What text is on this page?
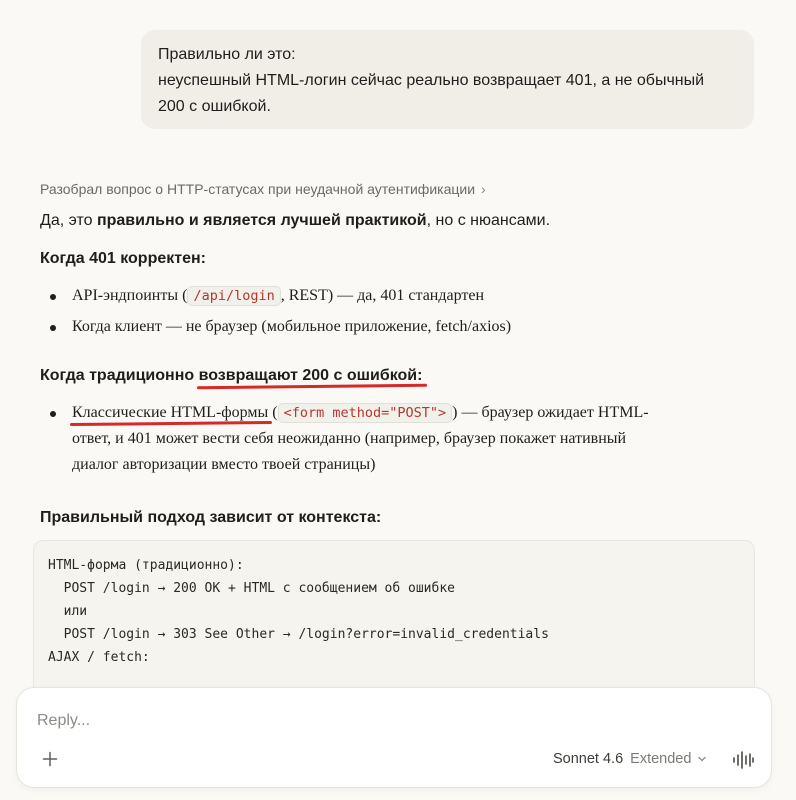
Правильно ли это:

неуспешный HTML-логин сейчас реально возвращает 401, а не обычный

200 с ошибкой.

Разобрал вопрос о HTTP-статусах при неудачной аутентификации ›

Да, это правильно и является лучшей практикой, но с нюансами.

Когда 401 корректен:
API-эндпоинты ( /api/login , REST) — да, 401 стандартен
Когда клиент — не браузер (мобильное приложение, fetch/axios)
Когда традиционно возвращают 200 с ошибкой:
Классические HTML-формы ( <form method="POST"> ) — браузер ожидает HTML-
ответ, и 401 может вести себя неожиданно (например, браузер покажет нативный
диалог авторизации вместо твоей страницы)
Правильный подход зависит от контекста:
HTML-форма (традиционно):
POST /login → 200 OK + HTML с сообщением об ошибке
или
POST /login → 303 See Other → /login?error=invalid_credentials
AJAX / fetch:
Reply...
Sonnet 4.6 Extended
